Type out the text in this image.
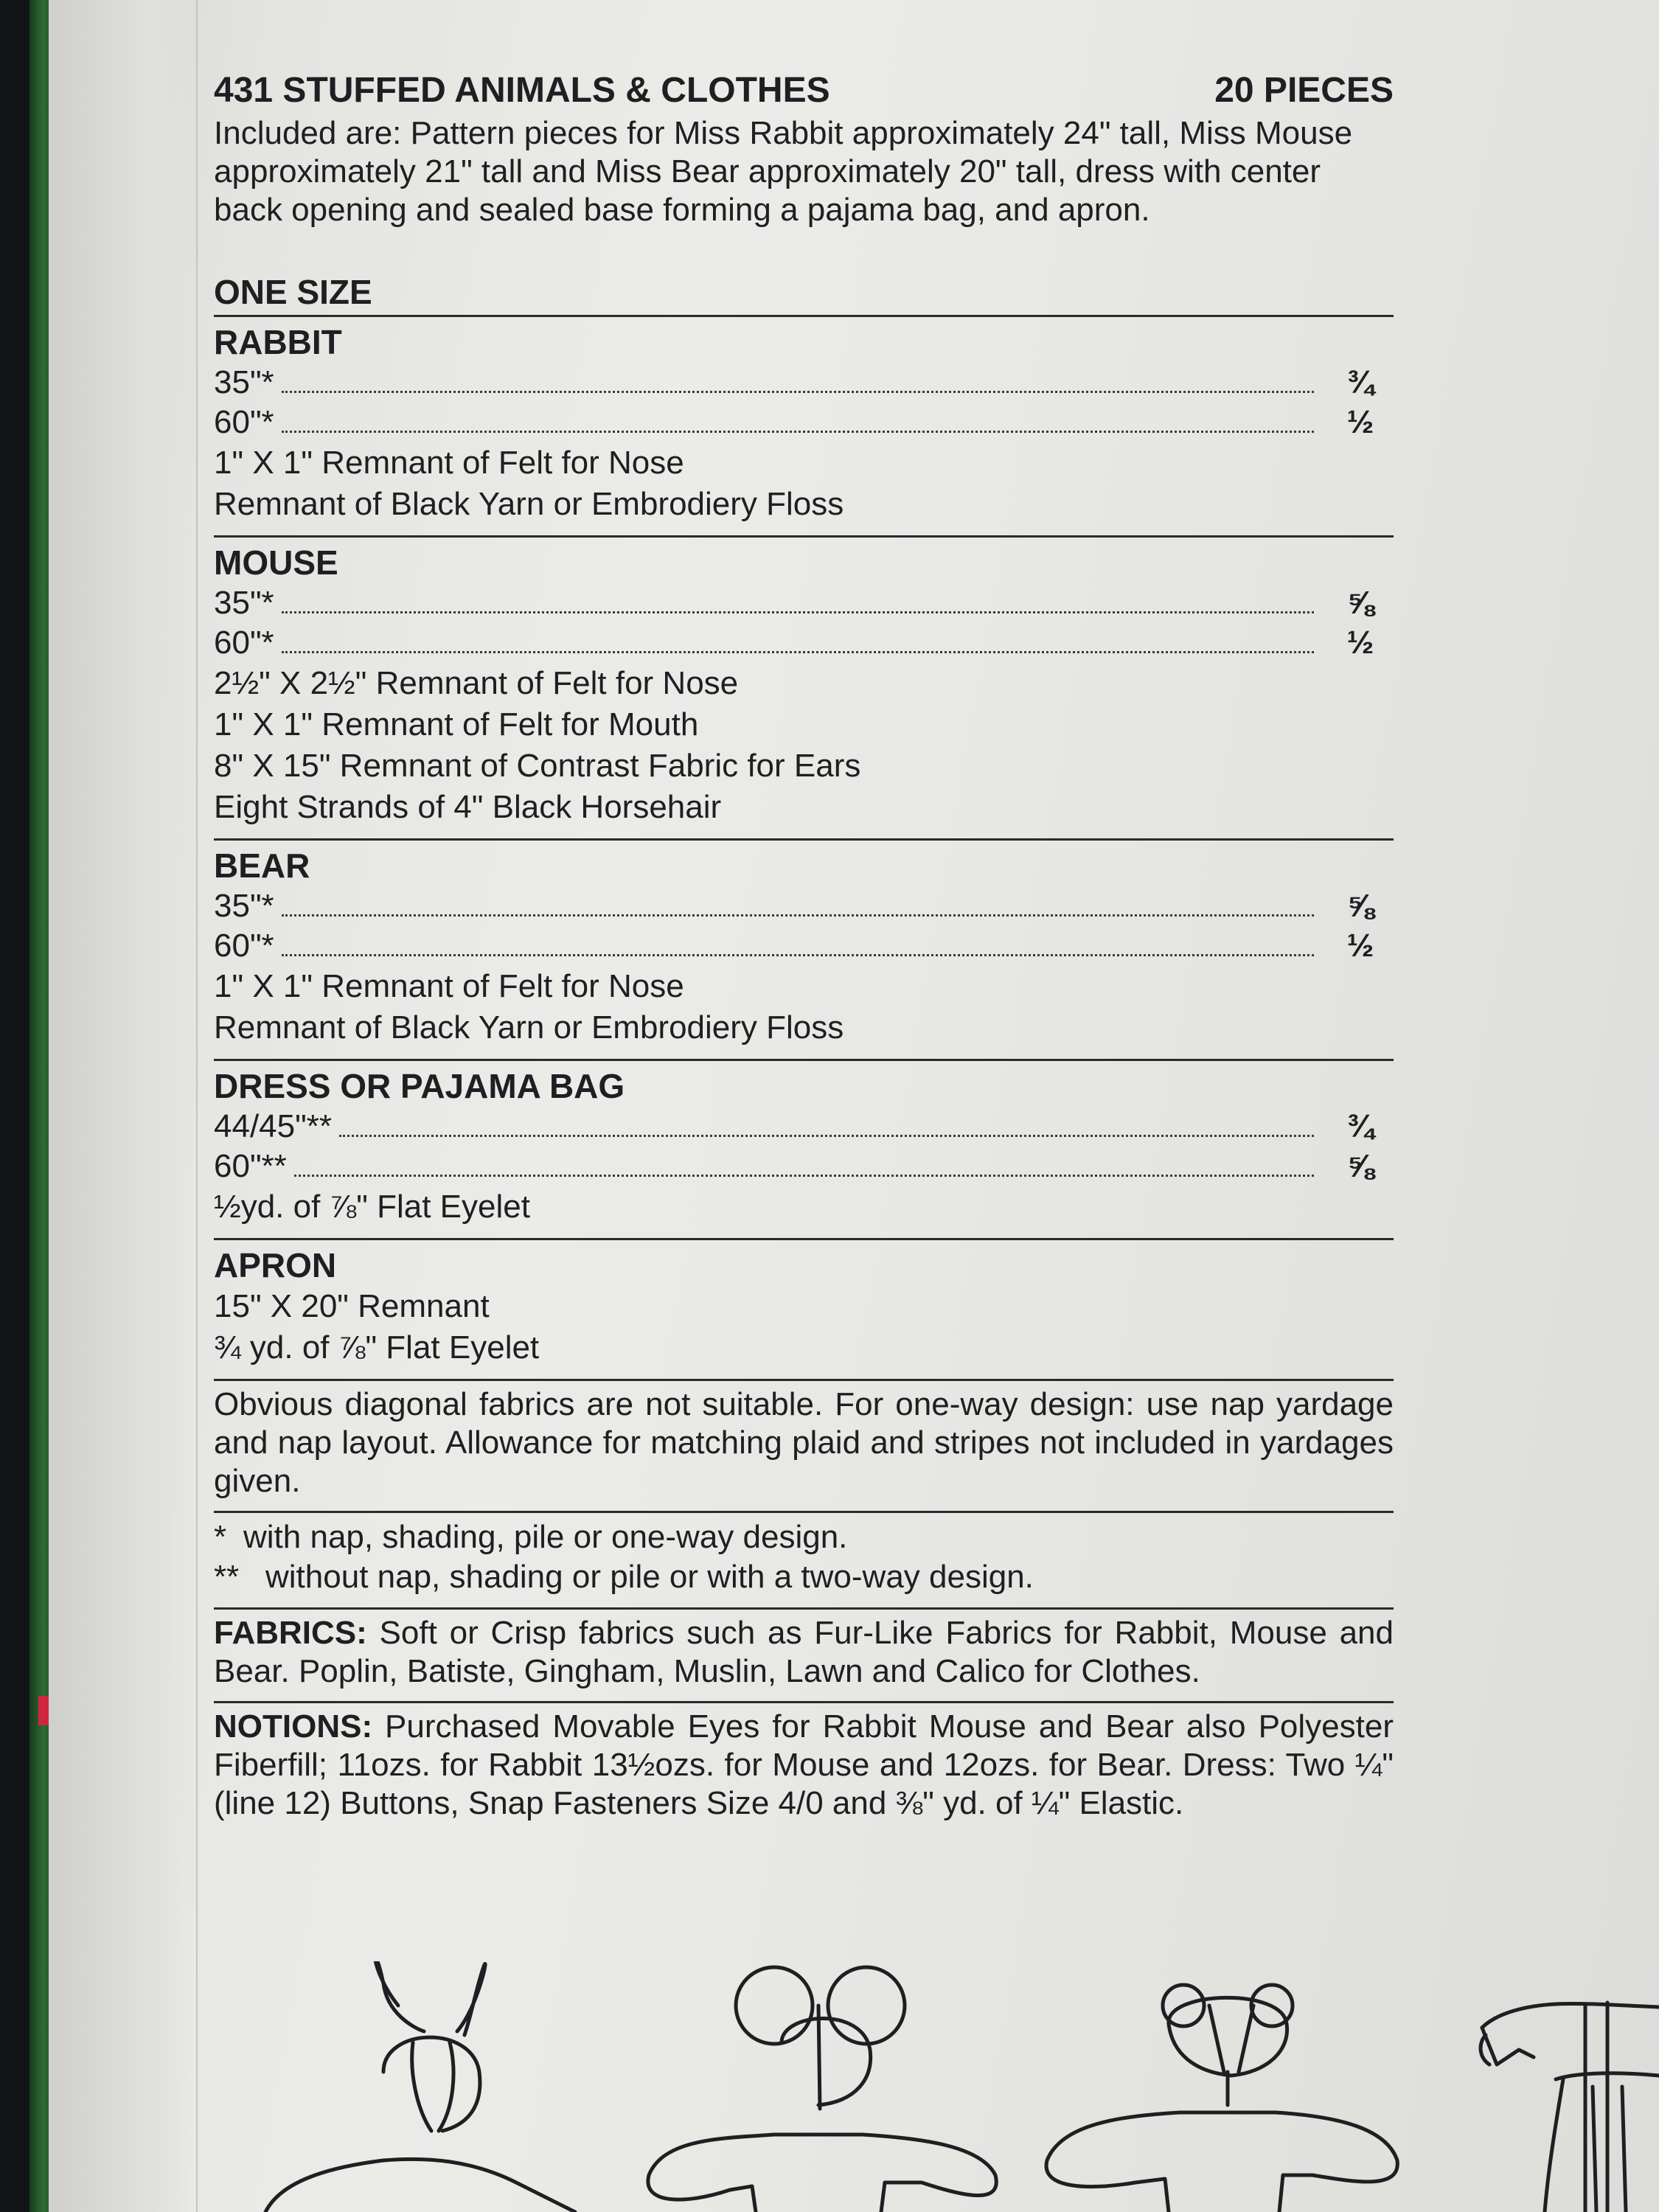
431 STUFFED ANIMALS & CLOTHES	20 PIECES
Included are: Pattern pieces for Miss Rabbit approximately 24" tall, Miss Mouse approximately 21" tall and Miss Bear approximately 20" tall, dress with center back opening and sealed base forming a pajama bag, and apron.
ONE SIZE
RABBIT
35"*	¾
60"*	½
1" X 1" Remnant of Felt for Nose
Remnant of Black Yarn or Embrodiery Floss
MOUSE
35"*	⅝
60"*	½
2½" X 2½" Remnant of Felt for Nose
1" X 1" Remnant of Felt for Mouth
8" X 15" Remnant of Contrast Fabric for Ears
Eight Strands of 4" Black Horsehair
BEAR
35"*	⅝
60"*	½
1" X 1" Remnant of Felt for Nose
Remnant of Black Yarn or Embrodiery Floss
DRESS OR PAJAMA BAG
44/45"**	¾
60"**	⅝
½yd. of ⅞" Flat Eyelet
APRON
15" X 20" Remnant
¾ yd. of ⅞" Flat Eyelet
Obvious diagonal fabrics are not suitable. For one-way design: use nap yardage and nap layout. Allowance for matching plaid and stripes not included in yardages given.
* with nap, shading, pile or one-way design.
** without nap, shading or pile or with a two-way design.
FABRICS: Soft or Crisp fabrics such as Fur-Like Fabrics for Rabbit, Mouse and Bear. Poplin, Batiste, Gingham, Muslin, Lawn and Calico for Clothes.
NOTIONS: Purchased Movable Eyes for Rabbit Mouse and Bear also Polyester Fiberfill; 11ozs. for Rabbit 13½ozs. for Mouse and 12ozs. for Bear. Dress: Two ¼" (line 12) Buttons, Snap Fasteners Size 4/0 and ⅜" yd. of ¼" Elastic.
